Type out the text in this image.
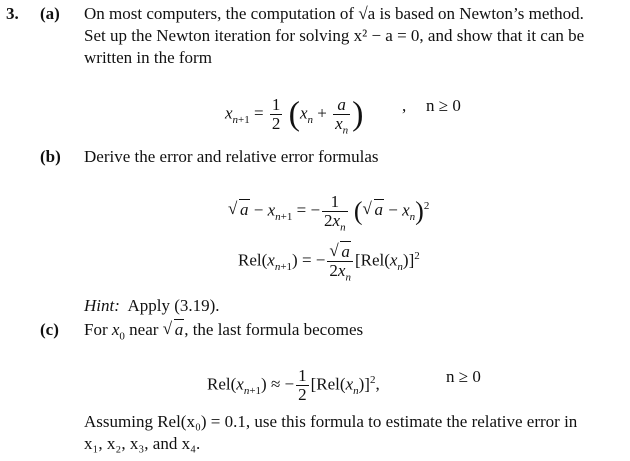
3. (a) On most computers, the computation of √a is based on Newton’s method.
Set up the Newton iteration for solving x² − a = 0, and show that it can be
written in the form
$x_{n+1} = \frac{1}{2} (x_n + \frac{a}{x_n}$ ) , n ≥ 0
(b) Derive the error and relative error formulas
√ $a - x_{n+1}$ = − $\frac{1}{2x_n}$ ( √ $a - x_n)^2$
$Rel(x_{n+1})$ = − √ $\frac{a}{2x_n} [Rel(x_n)]^2$
Hint: Apply (3.19).
(c) For $x_0$ near √ a, the last formula becomes
$Rel(x_{n+1})$ ≈ − $\frac{1}{2} [Rel(x_n)]^2$,	n ≥ 0
Assuming Rel(x₀) = 0.1, use this formula to estimate the relative error in
x₁, x₂, x₃, and x₄.
